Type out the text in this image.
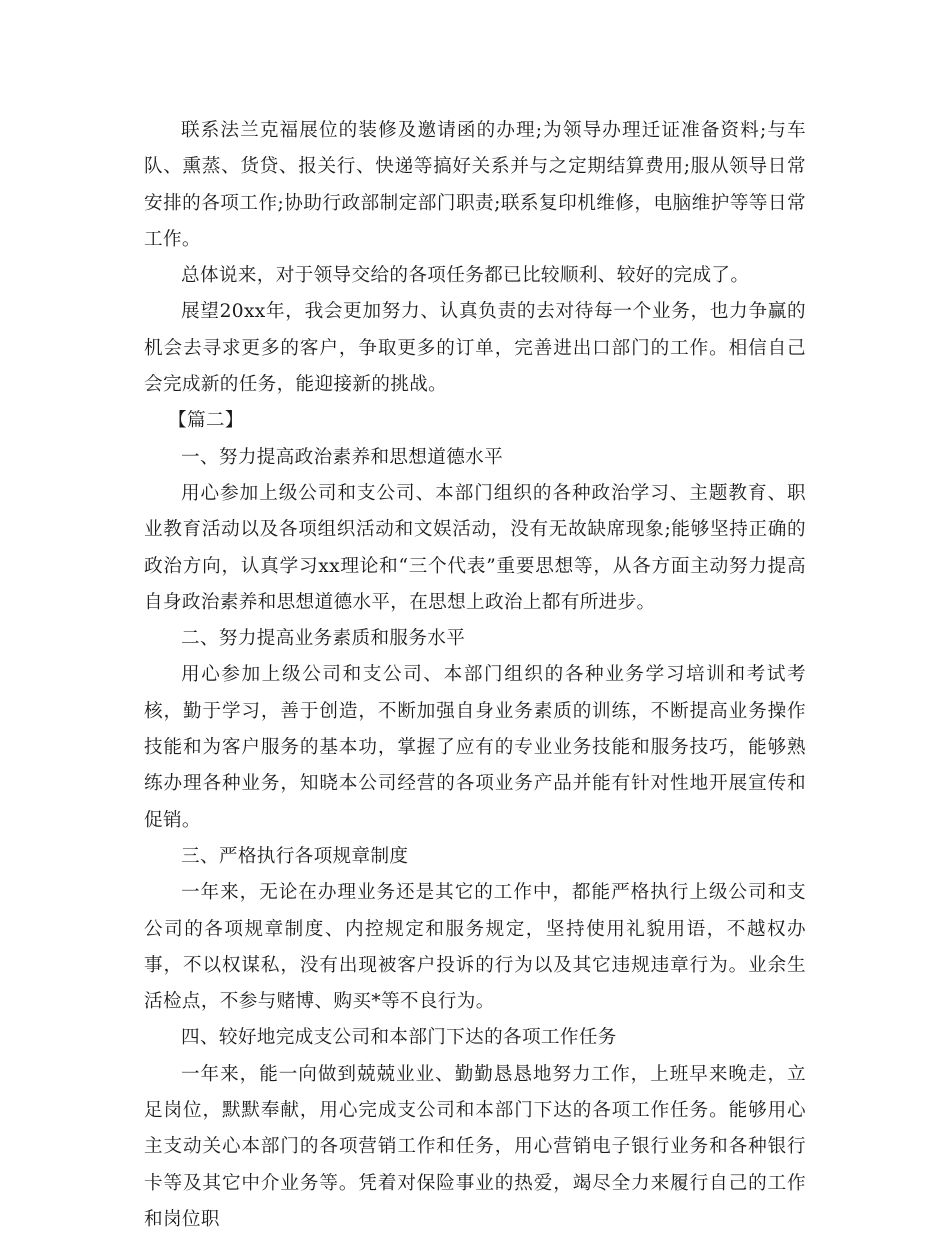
联系法兰克福展位的装修及邀请函的办理;为领导办理迁证准备资料;与车队、熏蒸、货贷、报关行、快递等搞好关系并与之定期结算费用;服从领导日常安排的各项工作;协助行政部制定部门职责;联系复印机维修，电脑维护等等日常工作。

总体说来，对于领导交给的各项任务都已比较顺利、较好的完成了。

展望20xx年，我会更加努力、认真负责的去对待每一个业务，也力争赢的机会去寻求更多的客户，争取更多的订单，完善进出口部门的工作。相信自己会完成新的任务，能迎接新的挑战。

【篇二】

一、努力提高政治素养和思想道德水平

用心参加上级公司和支公司、本部门组织的各种政治学习、主题教育、职业教育活动以及各项组织活动和文娱活动，没有无故缺席现象;能够坚持正确的政治方向，认真学习xx理论和“三个代表”重要思想等，从各方面主动努力提高自身政治素养和思想道德水平，在思想上政治上都有所进步。

二、努力提高业务素质和服务水平

用心参加上级公司和支公司、本部门组织的各种业务学习培训和考试考核，勤于学习，善于创造，不断加强自身业务素质的训练，不断提高业务操作技能和为客户服务的基本功，掌握了应有的专业业务技能和服务技巧，能够熟练办理各种业务，知晓本公司经营的各项业务产品并能有针对性地开展宣传和促销。

三、严格执行各项规章制度

一年来，无论在办理业务还是其它的工作中，都能严格执行上级公司和支公司的各项规章制度、内控规定和服务规定，坚持使用礼貌用语，不越权办事，不以权谋私，没有出现被客户投诉的行为以及其它违规违章行为。业余生活检点，不参与赌博、购买*等不良行为。

四、较好地完成支公司和本部门下达的各项工作任务

一年来，能一向做到兢兢业业、勤勤恳恳地努力工作，上班早来晚走，立足岗位，默默奉献，用心完成支公司和本部门下达的各项工作任务。能够用心主支动关心本部门的各项营销工作和任务，用心营销电子银行业务和各种银行卡等及其它中介业务等。凭着对保险事业的热爱，竭尽全力来履行自己的工作和岗位职
